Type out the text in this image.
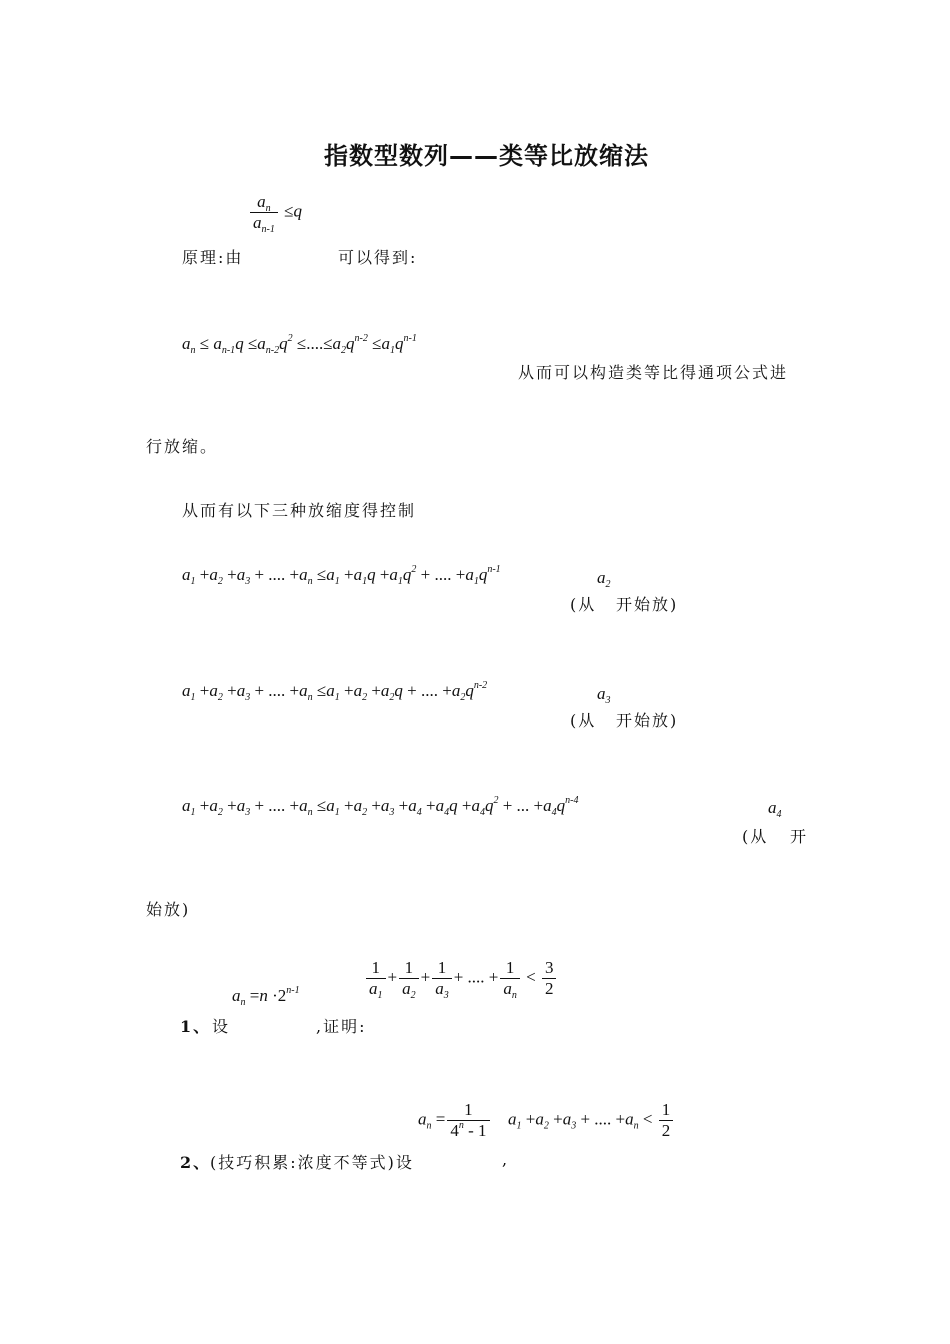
指数型数列——类等比放缩法
$\frac{a_n}{a_{n-1}} \le q$
原理:由	可以得到:
$a_n \le a_{n-1}q \le a_{n-2}q^2 \le....\le a_2q^{n-2} \le a_1q^{n-1}$
从而可以构造类等比得通项公式进
行放缩。
从而有以下三种放缩度得控制
$a_1 +a_2 +a_3$ + .... $+a_n \le a_1 +a_1q +a_1q^2$ + .... $+a_1q^{n-1}$	$a_2$
(从 开始放)
$a_1 +a_2 +a_3$ + .... $+a_n \le a_1 +a_2 +a_2q$ + .... $+a_2q^{n-2}$	$a_3$
(从 开始放)
$a_1 +a_2 +a_3$ + .... $+a_n \le a_1 +a_2 +a_3 +a_4 +a_4q +a_4q^2$ + ... $+a_4q^{n-4}$	$a_4$
(从 开
始放)
$a_n =n \cdot 2^{n-1}$	$\frac{1}{a_1} + \frac{1}{a_2} + \frac{1}{a_3}$ + .... + $\frac{1}{a_n} < \frac{3}{2}$
1、 设	,证明:
$a_n = \frac{1}{4^n - 1} a_1 +a_2 +a_3$ + .... $+a_n < \frac{1}{2}$
2、
(技巧积累:浓度不等式)设	,
